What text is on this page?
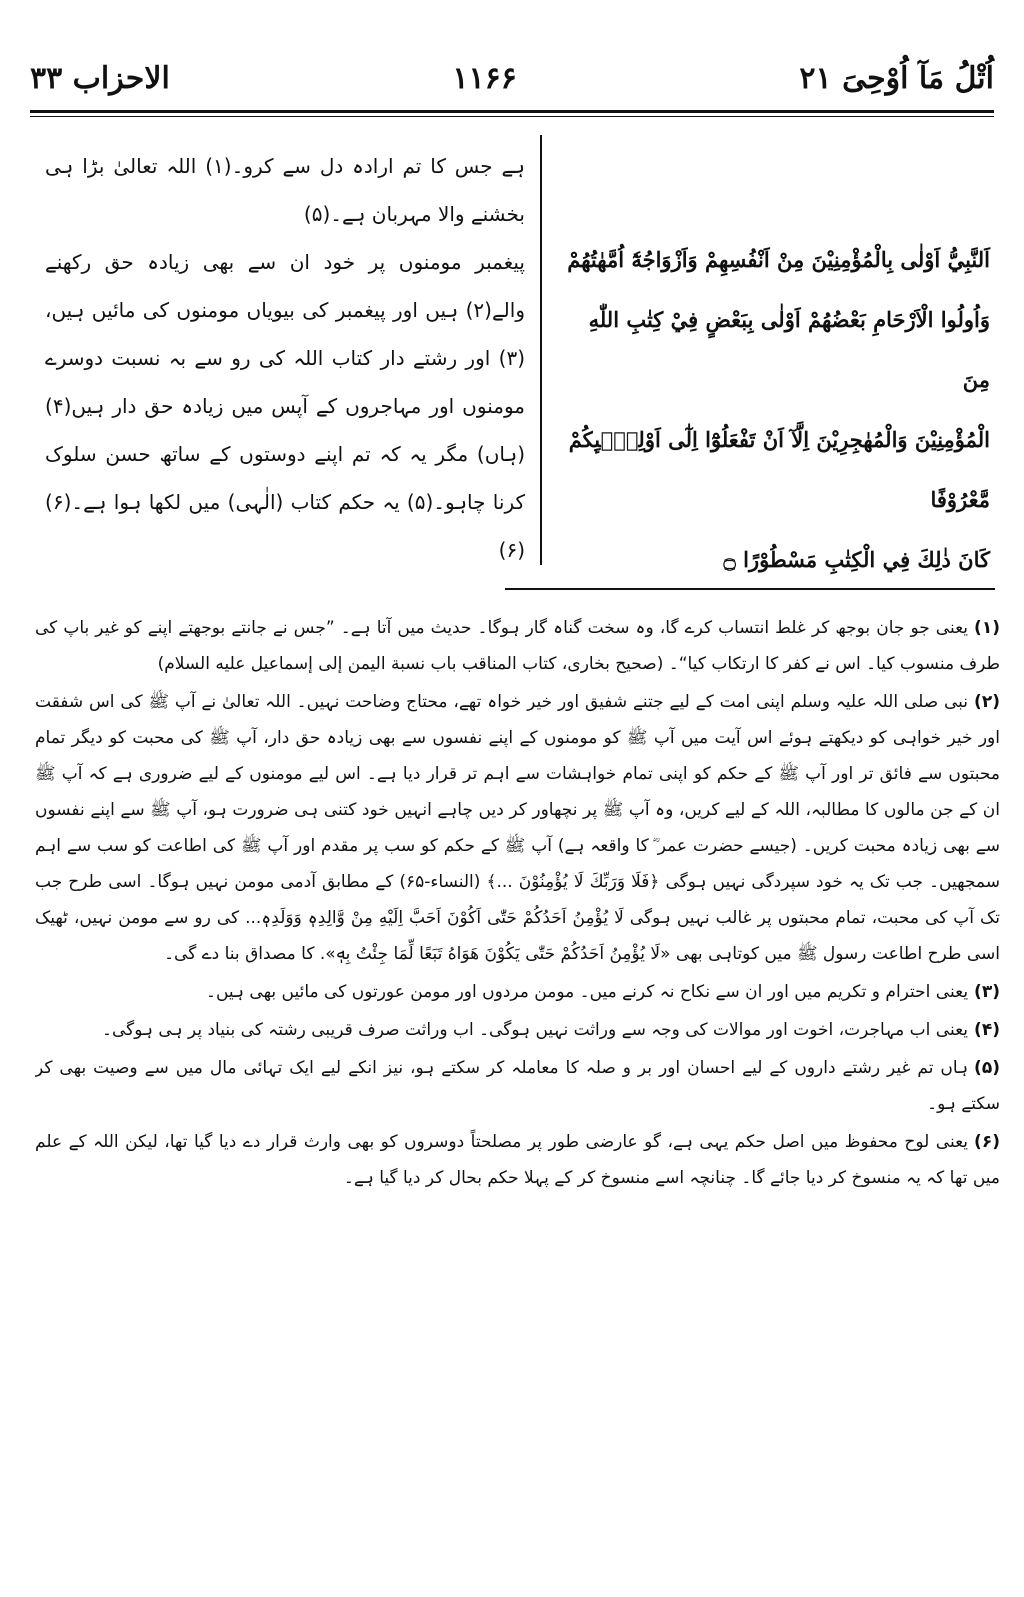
الاحزاب ۳۳	۱۱۶۶	اُتْلُ مَآ اُوْحِیَ ۲۱

ہے جس کا تم ارادہ دل سے کرو۔(۱) اللہ تعالیٰ بڑا ہی بخشنے والا مہربان ہے۔(۵)

پیغمبر مومنوں پر خود ان سے بھی زیادہ حق رکھنے والے(۲) ہیں اور پیغمبر کی بیویاں مومنوں کی مائیں ہیں،(۳) اور رشتے دار کتاب اللہ کی رو سے بہ نسبت دوسرے مومنوں اور مہاجروں کے آپس میں زیادہ حق دار ہیں(۴) (ہاں) مگر یہ کہ تم اپنے دوستوں کے ساتھ حسن سلوک کرنا چاہو۔(۵) یہ حکم کتاب (الٰہی) میں لکھا ہوا ہے۔(۶) (۶)

اَلنَّبِيُّ اَوْلٰى بِالْمُؤْمِنِيْنَ مِنْ اَنْفُسِهِمْ وَاَزْوَاجُهٗٓ اُمَّهٰتُهُمْ

وَاُولُوا الْاَرْحَامِ بَعْضُهُمْ اَوْلٰى بِبَعْضٍ فِيْ كِتٰبِ اللّٰهِ مِنَ

الْمُؤْمِنِيْنَ وَالْمُهٰجِرِيْنَ اِلَّآ اَنْ تَفْعَلُوْٓا اِلٰٓى اَوْلِيٰۗىِٕكُمْ مَّعْرُوْفًا

كَانَ ذٰلِكَ فِي الْكِتٰبِ مَسْطُوْرًا ۝

(۱)یعنی جو جان بوجھ کر غلط انتساب کرے گا، وہ سخت گناہ گار ہوگا۔ حدیث میں آتا ہے۔ ”جس نے جانتے بوجھتے اپنے کو غیر باپ کی طرف منسوب کیا۔ اس نے کفر کا ارتکاب کیا“۔ (صحیح بخاری، کتاب المناقب باب نسبة الیمن إلی إسماعیل علیه السلام)

(۲)نبی صلی اللہ علیہ وسلم اپنی امت کے لیے جتنے شفیق اور خیر خواہ تھے، محتاج وضاحت نہیں۔ اللہ تعالیٰ نے آپ ﷺ کی اس شفقت اور خیر خواہی کو دیکھتے ہوئے اس آیت میں آپ ﷺ کو مومنوں کے اپنے نفسوں سے بھی زیادہ حق دار، آپ ﷺ کی محبت کو دیگر تمام محبتوں سے فائق تر اور آپ ﷺ کے حکم کو اپنی تمام خواہشات سے اہم تر قرار دیا ہے۔ اس لیے مومنوں کے لیے ضروری ہے کہ آپ ﷺ ان کے جن مالوں کا مطالبہ، اللہ کے لیے کریں، وہ آپ ﷺ پر نچھاور کر دیں چاہے انہیں خود کتنی ہی ضرورت ہو، آپ ﷺ سے اپنے نفسوں سے بھی زیادہ محبت کریں۔ (جیسے حضرت عمر ؓ کا واقعہ ہے) آپ ﷺ کے حکم کو سب پر مقدم اور آپ ﷺ کی اطاعت کو سب سے اہم سمجھیں۔ جب تک یہ خود سپردگی نہیں ہوگی ﴿فَلَا وَرَبِّكَ لَا يُؤْمِنُوْنَ ...﴾ (النساء-۶۵) کے مطابق آدمی مومن نہیں ہوگا۔ اسی طرح جب تک آپ کی محبت، تمام محبتوں پر غالب نہیں ہوگی لَا يُؤْمِنُ اَحَدُكُمْ حَتّٰى اَكُوْنَ اَحَبَّ اِلَيْهِ مِنْ وَّالِدِهٖ وَوَلَدِهٖ... کی رو سے مومن نہیں، ٹھیک اسی طرح اطاعت رسول ﷺ میں کوتاہی بھی «لَا يُؤْمِنُ اَحَدُكُمْ حَتّٰى يَكُوْنَ هَوَاهُ تَبَعًا لِّمَا جِئْتُ بِهٖ». کا مصداق بنا دے گی۔

(۳)یعنی احترام و تکریم میں اور ان سے نکاح نہ کرنے میں۔ مومن مردوں اور مومن عورتوں کی مائیں بھی ہیں۔

(۴)یعنی اب مہاجرت، اخوت اور موالات کی وجہ سے وراثت نہیں ہوگی۔ اب وراثت صرف قریبی رشتہ کی بنیاد پر ہی ہوگی۔

(۵)ہاں تم غیر رشتے داروں کے لیے احسان اور بر و صلہ کا معاملہ کر سکتے ہو، نیز انکے لیے ایک تہائی مال میں سے وصیت بھی کر سکتے ہو۔

(۶)یعنی لوح محفوظ میں اصل حکم یہی ہے، گو عارضی طور پر مصلحتاً دوسروں کو بھی وارث قرار دے دیا گیا تھا، لیکن اللہ کے علم میں تھا کہ یہ منسوخ کر دیا جائے گا۔ چنانچہ اسے منسوخ کر کے پہلا حکم بحال کر دیا گیا ہے۔
